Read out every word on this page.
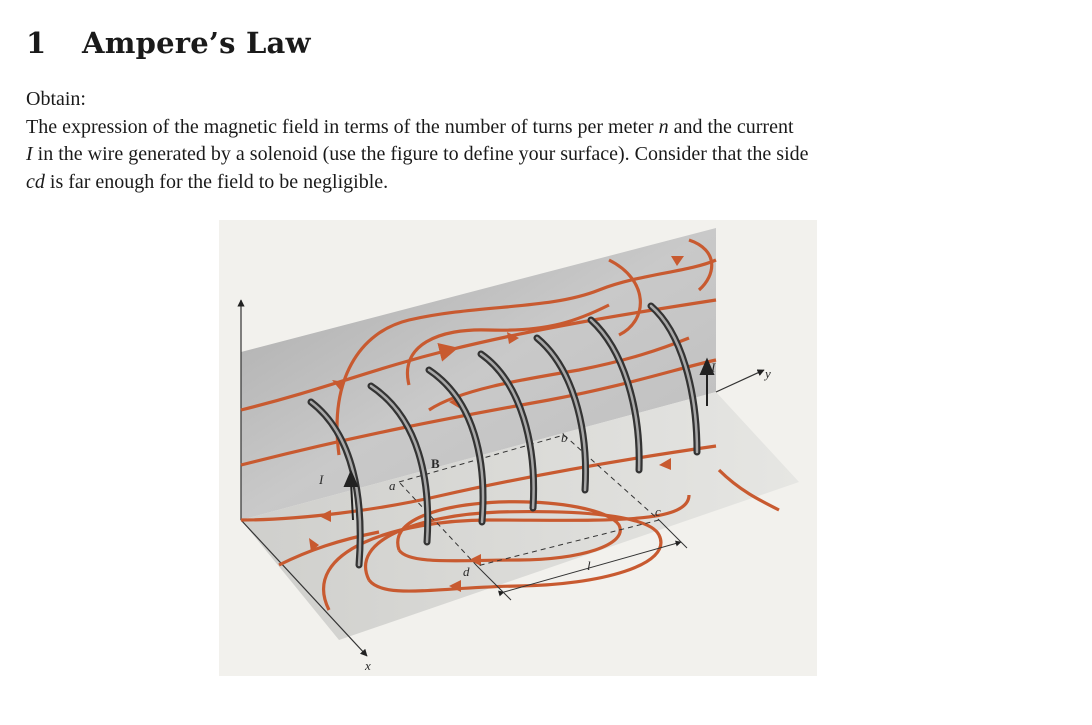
1 Ampere’s Law

Obtain:

The expression of the magnetic field in terms of the number of turns per meter n and the current
I in the wire generated by a solenoid (use the figure to define your surface). Consider that the side
cd is far enough for the field to be negligible.

I
I
a
b
c
d
B
l
x
y
